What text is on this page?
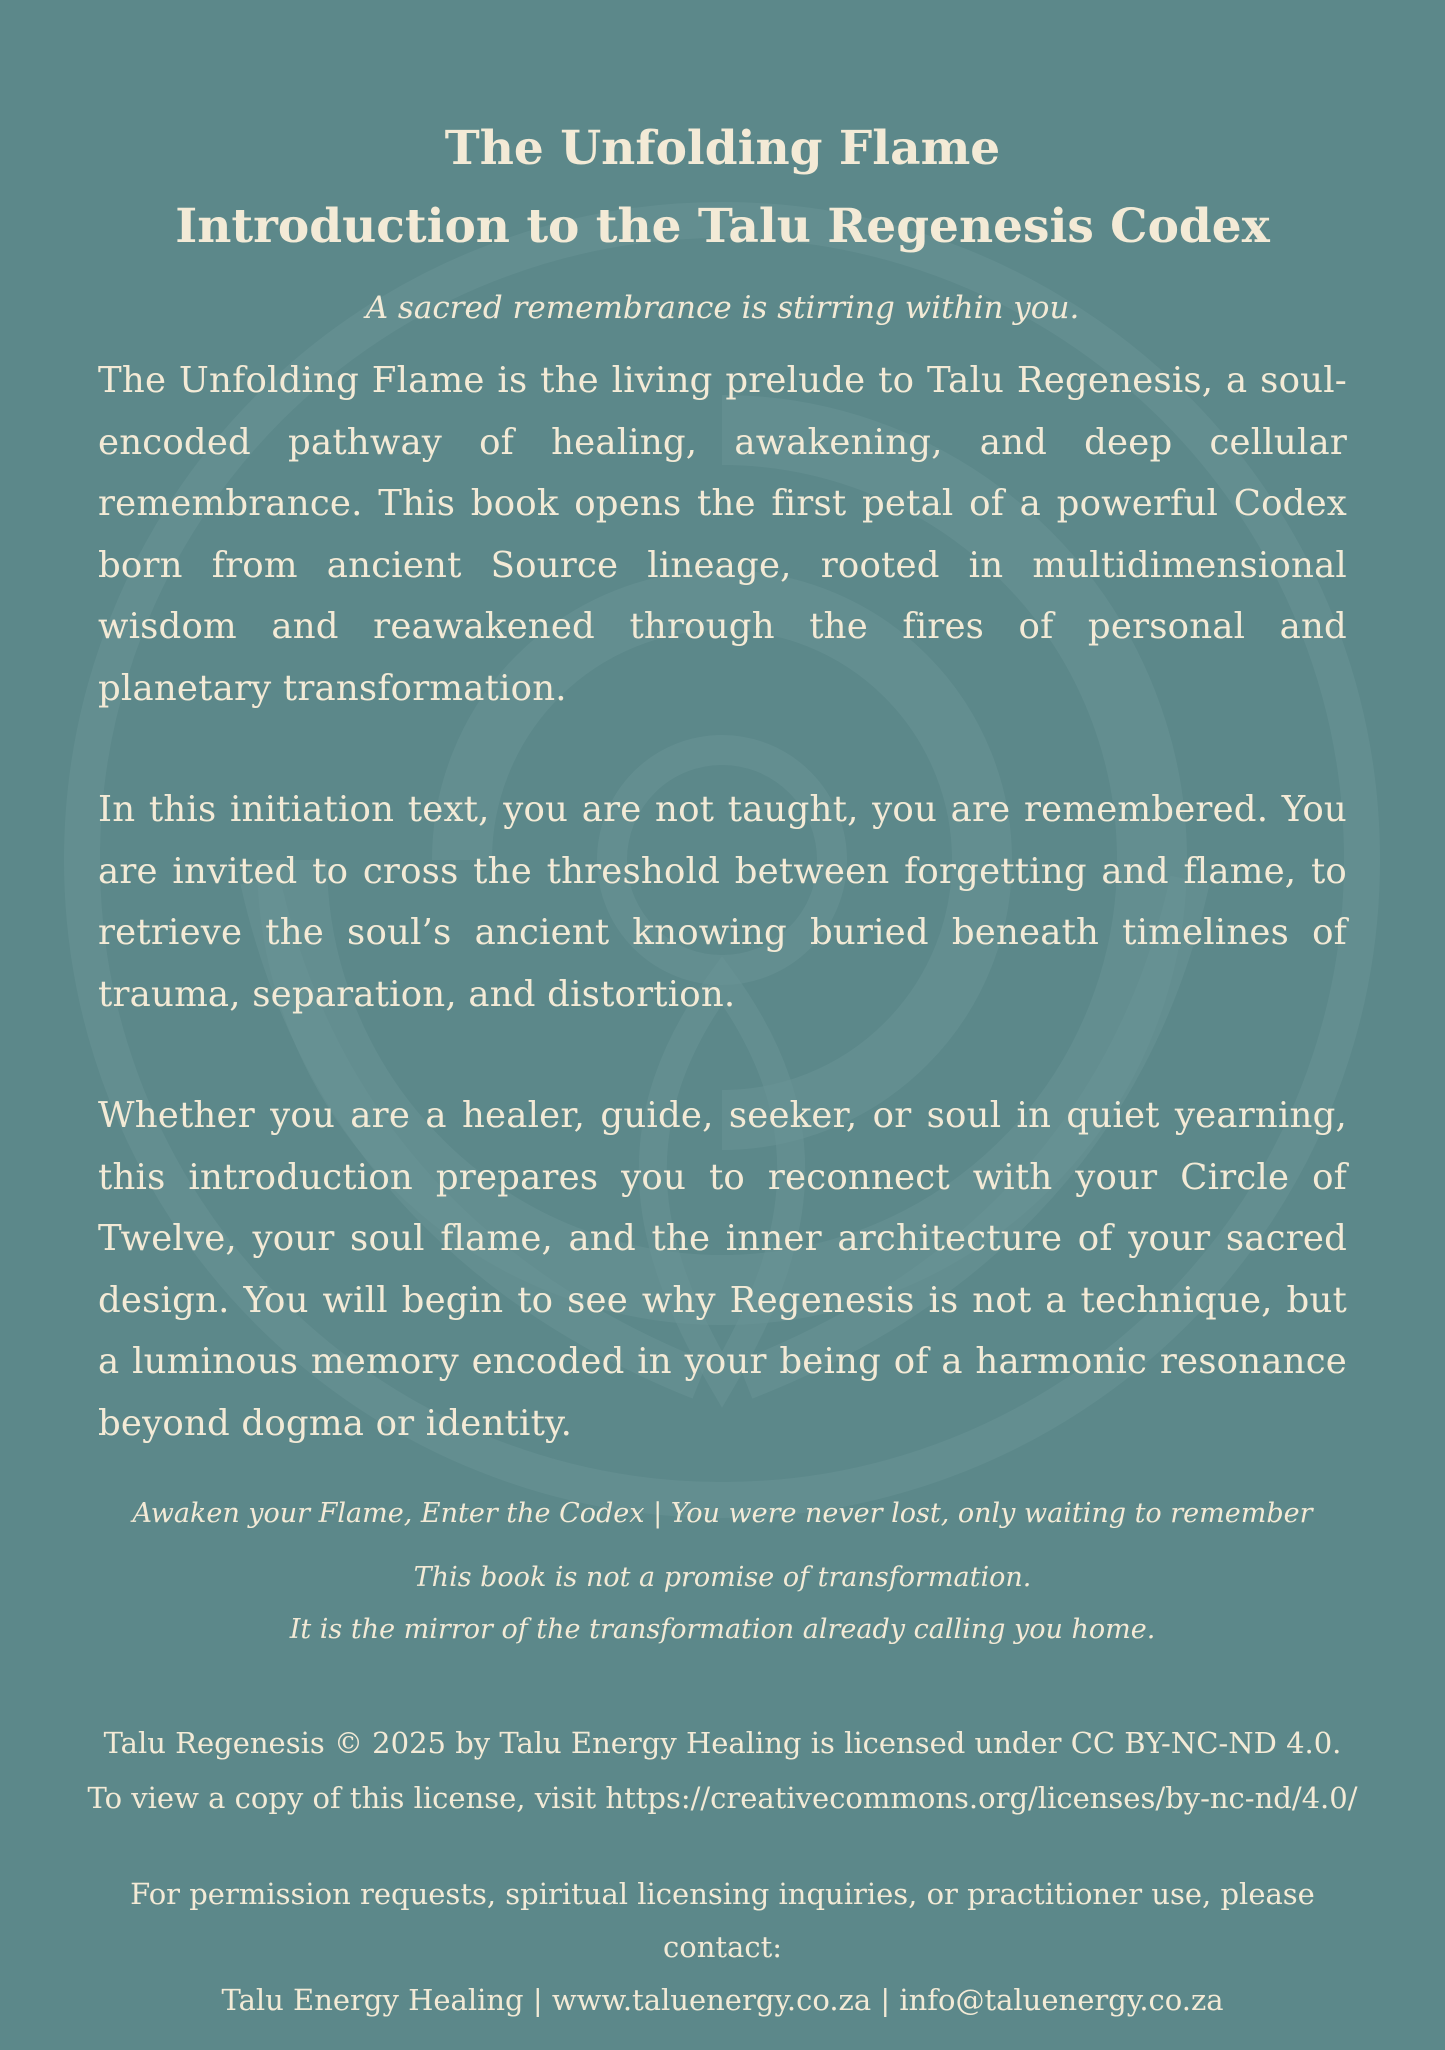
The Unfolding Flame
Introduction to the Talu Regenesis Codex

A sacred remembrance is stirring within you.

The Unfolding Flame is the living prelude to Talu Regenesis, a soul-encoded pathway of healing, awakening, and deep cellular remembrance. This book opens the first petal of a powerful Codex born from ancient Source lineage, rooted in multidimensional wisdom and reawakened through the fires of personal and planetary transformation.

In this initiation text, you are not taught, you are remembered. You are invited to cross the threshold between forgetting and flame, to retrieve the soul’s ancient knowing buried beneath timelines of trauma, separation, and distortion.

Whether you are a healer, guide, seeker, or soul in quiet yearning, this introduction prepares you to reconnect with your Circle of Twelve, your soul flame, and the inner architecture of your sacred design. You will begin to see why Regenesis is not a technique, but a luminous memory encoded in your being of a harmonic resonance beyond dogma or identity.

Awaken your Flame, Enter the Codex | You were never lost, only waiting to remember

This book is not a promise of transformation.
It is the mirror of the transformation already calling you home.
Talu Regenesis © 2025 by Talu Energy Healing is licensed under CC BY-NC-ND 4.0.
To view a copy of this license, visit https://creativecommons.org/licenses/by-nc-nd/4.0/
For permission requests, spiritual licensing inquiries, or practitioner use, please contact:
Talu Energy Healing | www.taluenergy.co.za | info@taluenergy.co.za
